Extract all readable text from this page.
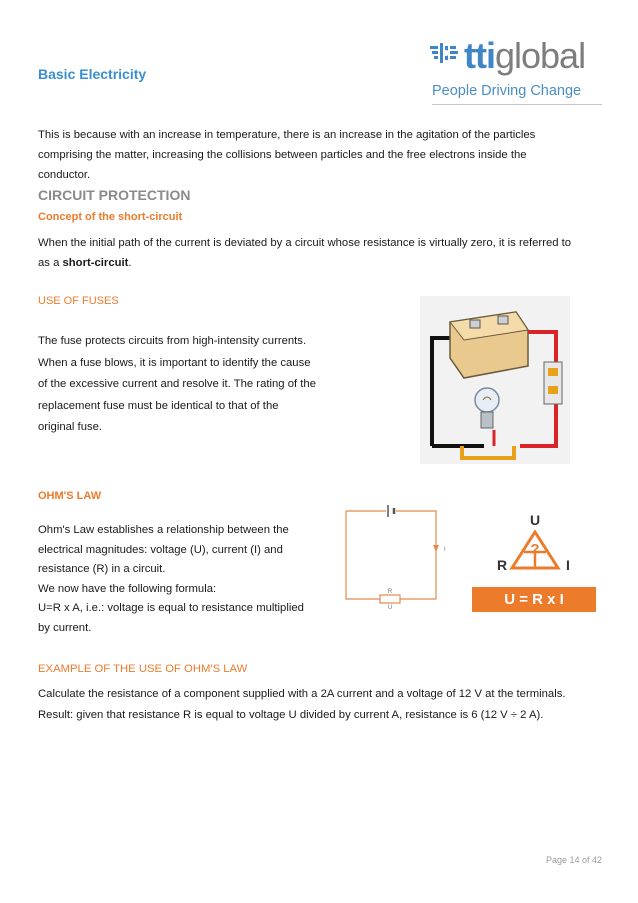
Basic Electricity	ttiglobal
People Driving Change
This is because with an increase in temperature, there is an increase in the agitation of the particles
comprising the matter, increasing the collisions between particles and the free electrons inside the
conductor.
CIRCUIT PROTECTION
Concept of the short-circuit
When the initial path of the current is deviated by a circuit whose resistance is virtually zero, it is referred to
as a short-circuit.
USE OF FUSES
The fuse protects circuits from high-intensity currents.
When a fuse blows, it is important to identify the cause
of the excessive current and resolve it. The rating of the
replacement fuse must be identical to that of the
original fuse.
OHM'S LAW
Ohm's Law establishes a relationship between the
electrical magnitudes: voltage (U), current (I) and
resistance (R) in a circuit.
We now have the following formula:
U=R x A, i.e.: voltage is equal to resistance multiplied
by current.
R
U
I
U
?
R	I
U = R x I
EXAMPLE OF THE USE OF OHM'S LAW
Calculate the resistance of a component supplied with a 2A current and a voltage of 12 V at the terminals.
Result: given that resistance R is equal to voltage U divided by current A, resistance is 6 (12 V ÷ 2 A).
Page 14 of 42
